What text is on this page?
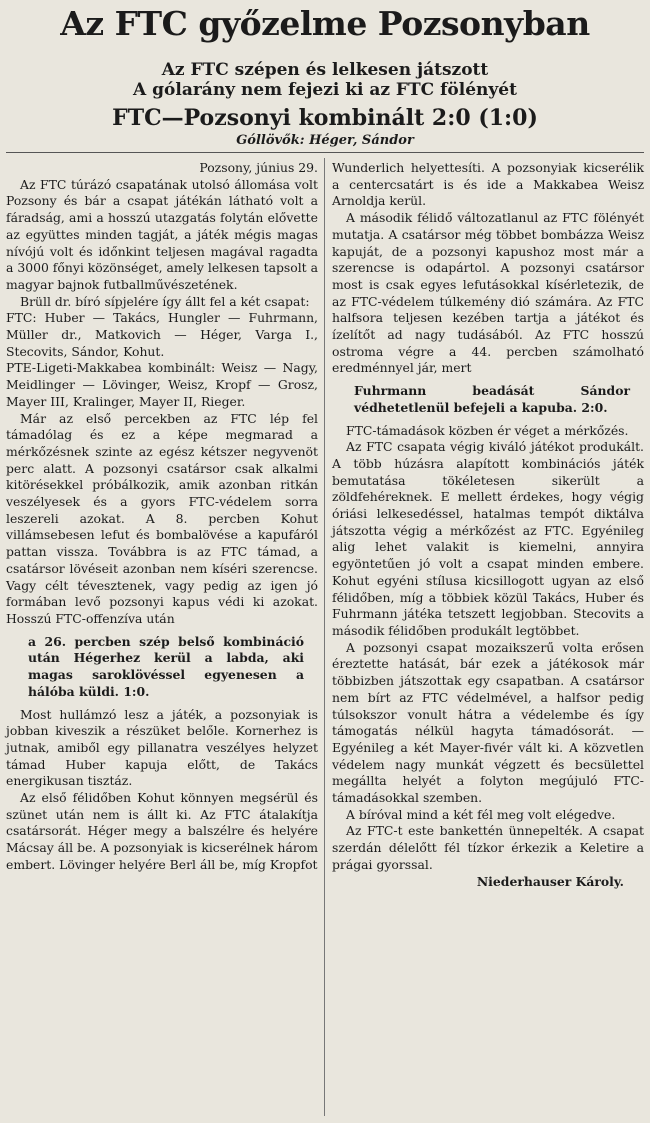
Az FTC győzelme Pozsonyban
Az FTC szépen és lelkesen játszott
A gólarány nem fejezi ki az FTC fölényét
FTC—Pozsonyi kombinált 2:0 (1:0)
Góllövők: Héger, Sándor

Pozsony, június 29.

Az FTC túrázó csapatának utolsó állomása volt Pozsony és bár a csapat játékán látható volt a fáradság, ami a hosszú utazgatás folytán elővette az együttes minden tagját, a játék mégis magas nívójú volt és időnkint teljesen magával ragadta a 3000 főnyi közönséget, amely lelkesen tapsolt a magyar bajnok futballművészetének.

Brüll dr. bíró sípjelére így állt fel a két csapat:

FTC: Huber — Takács, Hungler — Fuhrmann, Müller dr., Matkovich — Héger, Varga I., Stecovits, Sándor, Kohut.

PTE-Ligeti-Makkabea kombinált: Weisz — Nagy, Meidlinger — Lövinger, Weisz, Kropf — Grosz, Mayer III, Kralinger, Mayer II, Rieger.

Már az első percekben az FTC lép fel támadólag és ez a képe megmarad a mérkőzésnek szinte az egész kétszer negyvenöt perc alatt. A pozsonyi csatársor csak alkalmi kitörésekkel próbálkozik, amik azonban ritkán veszélyesek és a gyors FTC-védelem sorra leszereli azokat. A 8. percben Kohut villámsebesen lefut és bombalövése a kapufáról pattan vissza. Továbbra is az FTC támad, a csatársor lövéseit azonban nem kíséri szerencse. Vagy célt tévesztenek, vagy pedig az igen jó formában levő pozsonyi kapus védi ki azokat. Hosszú FTC-offenzíva után

a 26. percben szép belső kombináció után Hégerhez kerül a labda, aki magas saroklövéssel egyenesen a hálóba küldi. 1:0.

Most hullámzó lesz a játék, a pozsonyiak is jobban kiveszik a részüket belőle. Kornerhez is jutnak, amiből egy pillanatra veszélyes helyzet támad Huber kapuja előtt, de Takács energikusan tisztáz.

Az első félidőben Kohut könnyen megsérül és szünet után nem is állt ki. Az FTC átalakítja csatársorát. Héger megy a balszélre és helyére Mácsay áll be. A pozsonyiak is kicserélnek három embert. Lövinger helyére Berl áll be, míg Kropfot

Wunderlich helyettesíti. A pozsonyiak kicserélik a centercsatárt is és ide a Makkabea Weisz Arnoldja kerül.

A második félidő változatlanul az FTC fölényét mutatja. A csatársor még többet bombázza Weisz kapuját, de a pozsonyi kapushoz most már a szerencse is odapártol. A pozsonyi csatársor most is csak egyes lefutásokkal kísérletezik, de az FTC-védelem túlkemény dió számára. Az FTC halfsora teljesen kezében tartja a játékot és ízelítőt ad nagy tudásából. Az FTC hosszú ostroma végre a 44. percben számolható eredménnyel jár, mert

Fuhrmann beadását Sándor védhetetlenül befejeli a kapuba. 2:0.

FTC-támadások közben ér véget a mérkőzés.

Az FTC csapata végig kiváló játékot produkált. A több húzásra alapított kombinációs játék bemutatása tökéletesen sikerült a zöldfehéreknek. E mellett érdekes, hogy végig óriási lelkesedéssel, hatalmas tempót diktálva játszotta végig a mérkőzést az FTC. Egyénileg alig lehet valakit is kiemelni, annyira egyöntetűen jó volt a csapat minden embere. Kohut egyéni stílusa kicsillogott ugyan az első félidőben, míg a többiek közül Takács, Huber és Fuhrmann játéka tetszett legjobban. Stecovits a második félidőben produkált legtöbbet.

A pozsonyi csapat mozaikszerű volta erősen éreztette hatását, bár ezek a játékosok már többizben játszottak egy csapatban. A csatársor nem bírt az FTC védelmével, a halfsor pedig túlsokszor vonult hátra a védelembe és így támogatás nélkül hagyta támadósorát. — Egyénileg a két Mayer-fivér vált ki. A közvetlen védelem nagy munkát végzett és becsülettel megállta helyét a folyton megújuló FTC-támadásokkal szemben.

A bíróval mind a két fél meg volt elégedve.

Az FTC-t este bankettén ünnepelték. A csapat szerdán délelőtt fél tízkor érkezik a Keletire a prágai gyorssal.

Niederhauser Károly.
